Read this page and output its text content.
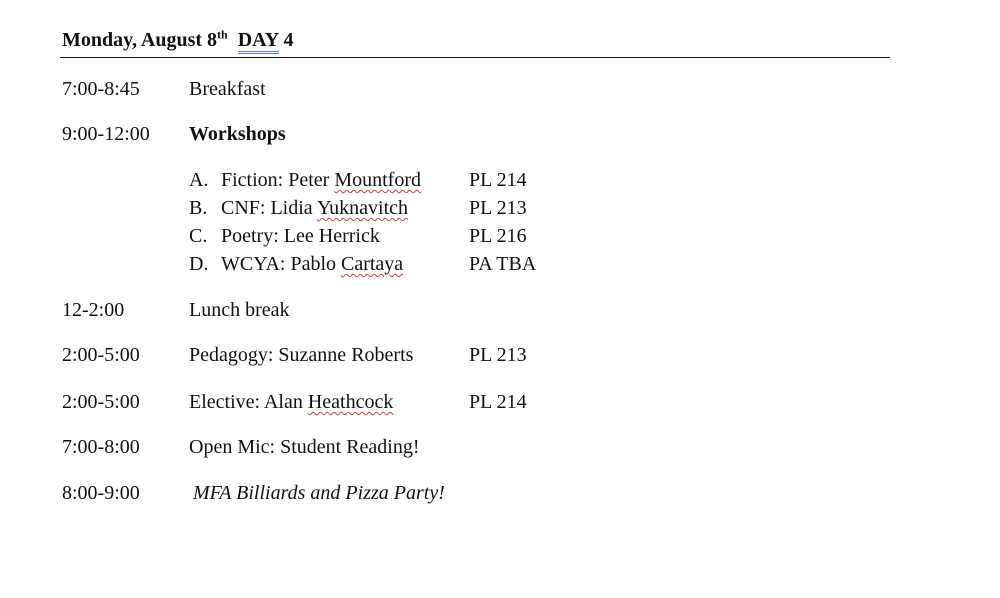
Monday, August 8th DAY 4
7:00-8:45 Breakfast
9:00-12:00 Workshops
A. Fiction: Peter Mountford PL 214
B. CNF: Lidia Yuknavitch	PL 213
C. Poetry: Lee Herrick	PL 216
D. WCYA: Pablo Cartaya	PA TBA
12-2:00	Lunch break
2:00-5:00 Pedagogy: Suzanne Roberts	PL 213
2:00-5:00 Elective: Alan Heathcock	PL 214
7:00-8:00 Open Mic: Student Reading!
8:00-9:00	MFA Billiards and Pizza Party!
